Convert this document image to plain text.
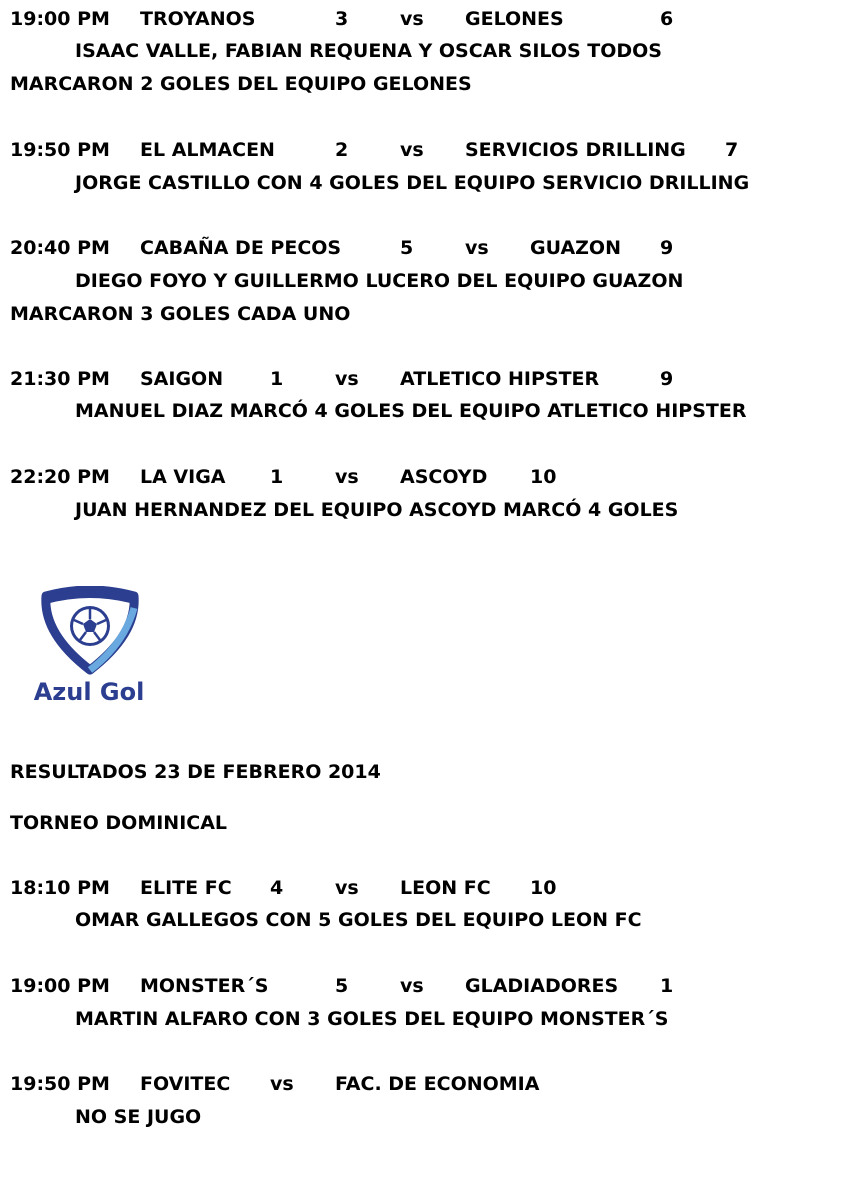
19:00 PM TROYANOS	3	vs GELONES	6
ISAAC VALLE, FABIAN REQUENA Y OSCAR SILOS TODOS
MARCARON 2 GOLES DEL EQUIPO GELONES
19:50 PM EL ALMACEN	2	vs SERVICIOS DRILLING 7
JORGE CASTILLO CON 4 GOLES DEL EQUIPO SERVICIO DRILLING
20:40 PM CABAÑA DE PECOS	5	vs GUAZON 9
DIEGO FOYO Y GUILLERMO LUCERO DEL EQUIPO GUAZON
MARCARON 3 GOLES CADA UNO
21:30 PM SAIGON 1	vs ATLETICO HIPSTER	9
MANUEL DIAZ MARCÓ 4 GOLES DEL EQUIPO ATLETICO HIPSTER
22:20 PM LA VIGA 1	vs ASCOYD 10
JUAN HERNANDEZ DEL EQUIPO ASCOYD MARCÓ 4 GOLES
Azul Gol
RESULTADOS 23 DE FEBRERO 2014
TORNEO DOMINICAL
18:10 PM ELITE FC 4	vs LEON FC 10
OMAR GALLEGOS CON 5 GOLES DEL EQUIPO LEON FC
19:00 PM MONSTER´S	5	vs GLADIADORES 1
MARTIN ALFARO CON 3 GOLES DEL EQUIPO MONSTER´S
19:50 PM FOVITEC vs FAC. DE ECONOMIA
NO SE JUGO
